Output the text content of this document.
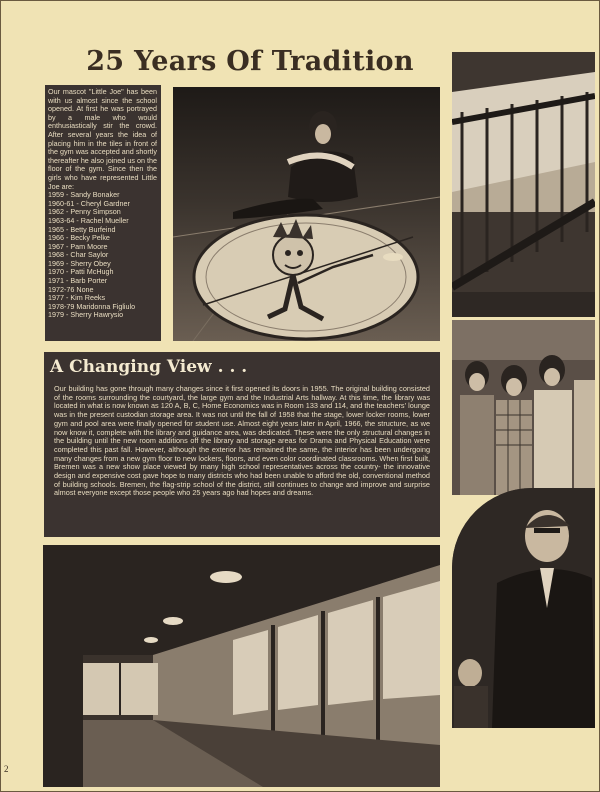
25 Years Of Tradition

Our mascot "Little Joe" has been with us almost since the school opened. At first he was portrayed by a male who would enthusiastically stir the crowd. After several years the idea of placing him in the tiles in front of the gym was accepted and shortly thereafter he also joined us on the floor of the gym. Since then the girls who have represented Little Joe are:

1959 - Sandy Bonaker
1960-61 - Cheryl Gardner
1962 - Penny Simpson
1963-64 - Rachel Mueller
1965 - Betty Burfeind
1966 - Becky Pelke
1967 - Pam Moore
1968 - Char Saylor
1969 - Sherry Obey
1970 - Patti McHugh
1971 - Barb Porter
1972-76 None
1977 - Kim Reeks
1978-79 Maridonna Figliulo
1979 - Sherry Hawrysio
A Changing View . . .

Our building has gone through many changes since it first opened its doors in 1955. The original building consisted of the rooms surrounding the courtyard, the large gym and the Industrial Arts hallway. At this time, the library was located in what is now known as 120 A, B, C, Home Economics was in Room 133 and 114, and the teachers' lounge was in the present custodian storage area. It was not until the fall of 1958 that the stage, lower locker rooms, lower gym and pool area were finally opened for student use. Almost eight years later in April, 1966, the structure, as we now know it, complete with the library and guidance area, was dedicated. These were the only structural changes in the building until the new room additions off the library and storage areas for Drama and Physical Education were completed this past fall. However, although the exterior has remained the same, the interior has been undergoing many changes from a new gym floor to new lockers, floors, and even color coordinated classrooms. When first built, Bremen was a new show place viewed by many high school representatives across the country- the innovative design and expensive cost gave hope to many districts who had been unable to afford the old, conventional method of building schools. Bremen, the flag-strip school of the district, still continues to change and improve and surprise almost everyone except those people who 25 years ago had hopes and dreams.

2
